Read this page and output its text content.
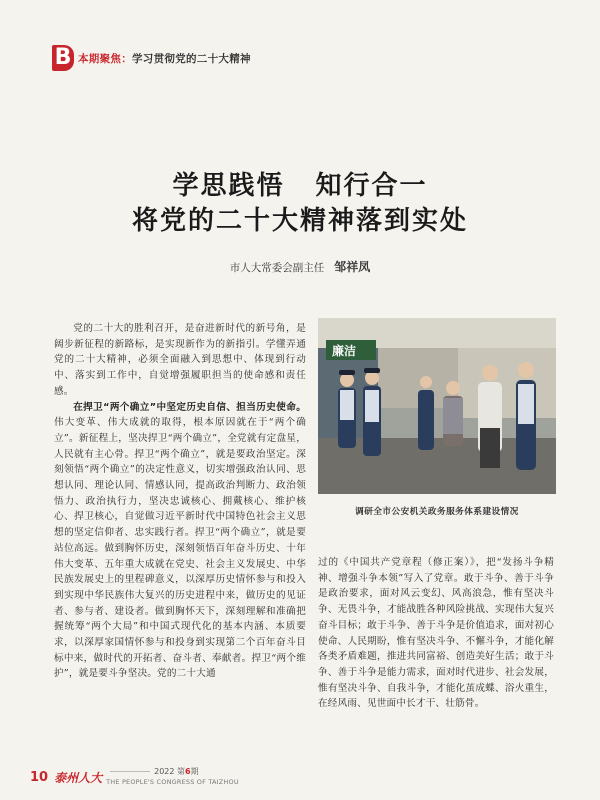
B 本期聚焦：学习贯彻党的二十大精神
学思践悟 知行合一
将党的二十大精神落到实处
市人大常委会副主任 邹祥凤

党的二十大的胜利召开，是奋进新时代的新号角，是阔步新征程的新路标，是实现新作为的新指引。学懂弄通党的二十大精神，必须全面融入到思想中、体现到行动中、落实到工作中，自觉增强履职担当的使命感和责任感。

在捍卫“两个确立”中坚定历史自信、担当历史使命。伟大变革、伟大成就的取得，根本原因就在于“两个确立”。新征程上，坚决捍卫“两个确立”，全党就有定盘星，人民就有主心骨。捍卫“两个确立”，就是要政治坚定。深刻领悟“两个确立”的决定性意义，切实增强政治认同、思想认同、理论认同、情感认同，提高政治判断力、政治领悟力、政治执行力，坚决忠诚核心、拥戴核心、维护核心、捍卫核心，自觉做习近平新时代中国特色社会主义思想的坚定信仰者、忠实践行者。捍卫“两个确立”，就是要站位高远。做到胸怀历史，深刻领悟百年奋斗历史、十年伟大变革、五年重大成就在党史、社会主义发展史、中华民族发展史上的里程碑意义，以深厚历史情怀参与和投入到实现中华民族伟大复兴的历史进程中来，做历史的见证者、参与者、建设者。做到胸怀天下，深刻理解和准确把握统筹“两个大局”和中国式现代化的基本内涵、本质要求，以深厚家国情怀参与和投身到实现第二个百年奋斗目标中来，做时代的开拓者、奋斗者、奉献者。捍卫“两个维护”，就是要斗争坚决。党的二十大通

廉洁
调研全市公安机关政务服务体系建设情况

过的《中国共产党章程（修正案）》，把“发扬斗争精神、增强斗争本领”写入了党章。敢于斗争、善于斗争是政治要求，面对风云变幻、风高浪急，惟有坚决斗争、无畏斗争，才能战胜各种风险挑战、实现伟大复兴奋斗目标；敢于斗争、善于斗争是价值追求，面对初心使命、人民期盼，惟有坚决斗争、不懈斗争，才能化解各类矛盾难题，推进共同富裕、创造美好生活；敢于斗争、善于斗争是能力需求，面对时代进步、社会发展，惟有坚决斗争、自我斗争，才能化茧成蝶、浴火重生，在经风雨、见世面中长才干、壮筋骨。

10 泰州人大	2022 第6期
THE PEOPLE'S CONGRESS OF TAIZHOU
